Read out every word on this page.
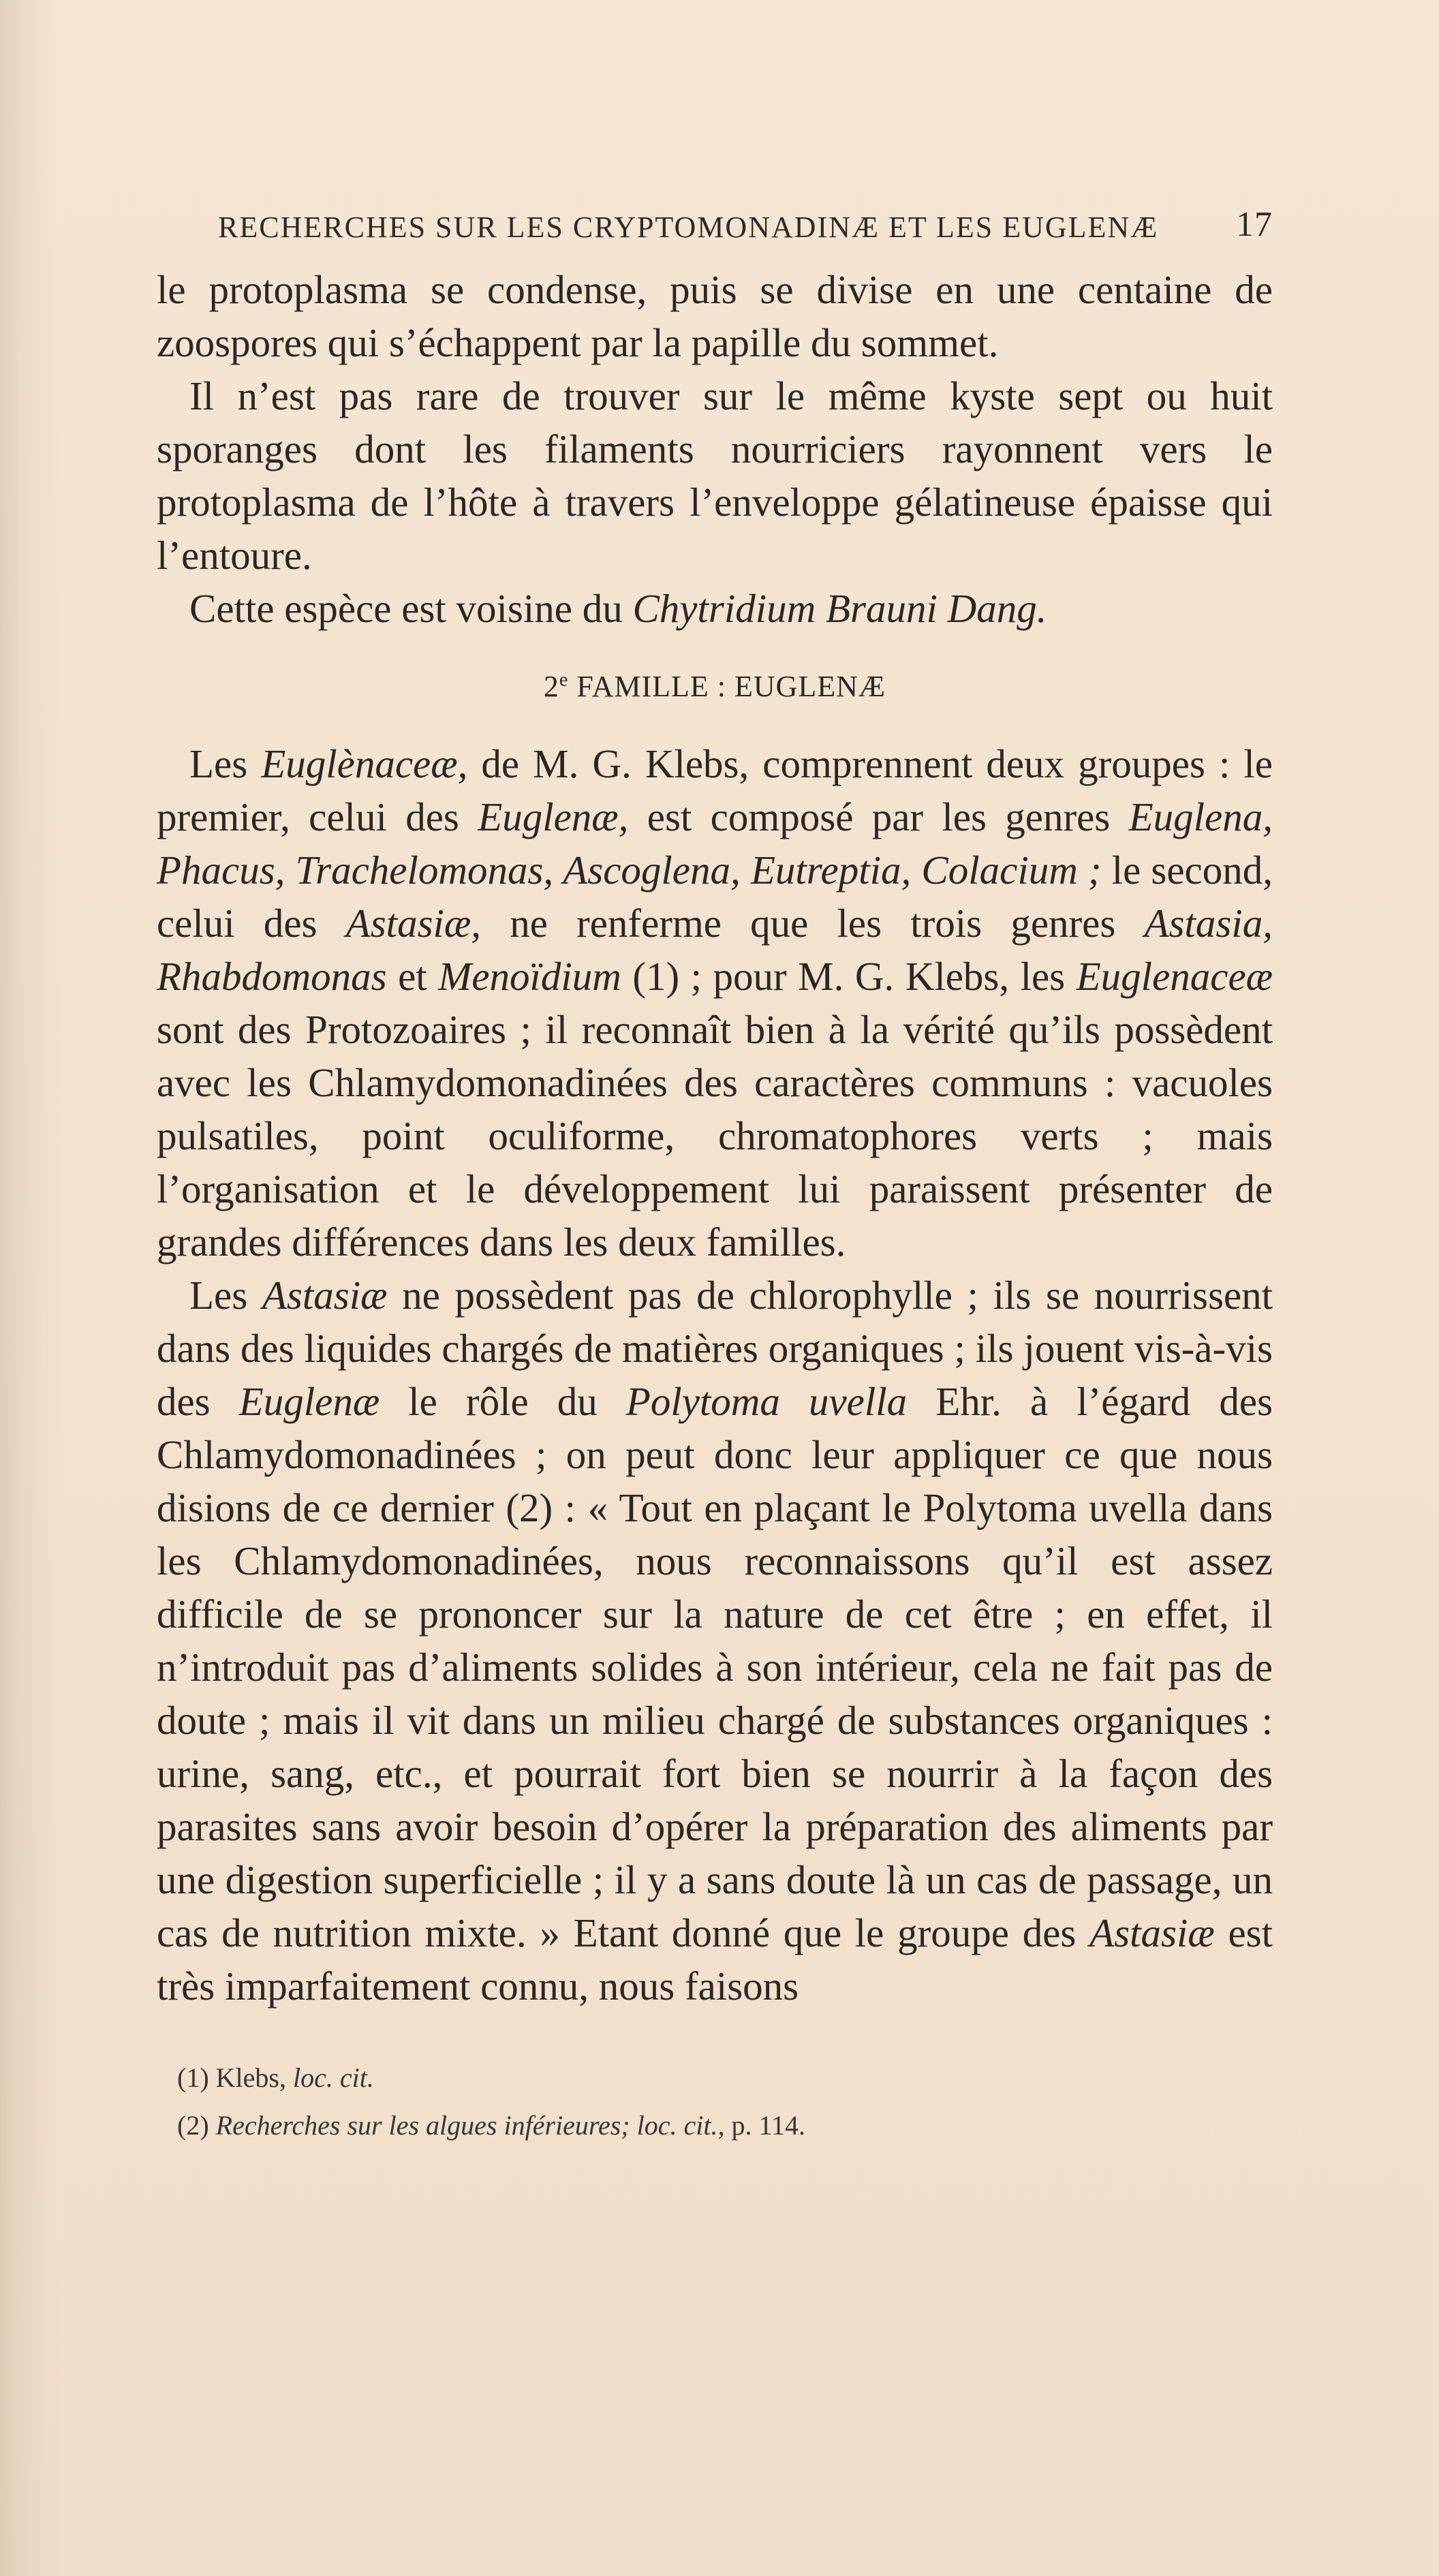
RECHERCHES SUR LES CRYPTOMONADINÆ ET LES EUGLENÆ 17

le protoplasma se condense, puis se divise en une centaine de zoospores qui s’échappent par la papille du sommet.

Il n’est pas rare de trouver sur le même kyste sept ou huit sporanges dont les filaments nourriciers rayonnent vers le protoplasma de l’hôte à travers l’enveloppe gélatineuse épaisse qui l’entoure.

Cette espèce est voisine du Chytridium Brauni Dang.

2e FAMILLE : EUGLENÆ

Les Euglènaceæ, de M. G. Klebs, comprennent deux groupes : le premier, celui des Euglenæ, est composé par les genres Euglena, Phacus, Trachelomonas, Ascoglena, Eutreptia, Colacium ; le second, celui des Astasiæ, ne renferme que les trois genres Astasia, Rhabdomonas et Menoïdium (1) ; pour M. G. Klebs, les Euglenaceæ sont des Protozoaires ; il reconnaît bien à la vérité qu’ils possèdent avec les Chlamydomonadinées des caractères communs : vacuoles pulsatiles, point oculiforme, chromatophores verts ; mais l’organisation et le développement lui paraissent présenter de grandes différences dans les deux familles.

Les Astasiæ ne possèdent pas de chlorophylle ; ils se nourrissent dans des liquides chargés de matières organiques ; ils jouent vis-à-vis des Euglenæ le rôle du Polytoma uvella Ehr. à l’égard des Chlamydomonadinées ; on peut donc leur appliquer ce que nous disions de ce dernier (2) : « Tout en plaçant le Polytoma uvella dans les Chlamydomonadinées, nous reconnaissons qu’il est assez difficile de se prononcer sur la nature de cet être ; en effet, il n’introduit pas d’aliments solides à son intérieur, cela ne fait pas de doute ; mais il vit dans un milieu chargé de substances organiques : urine, sang, etc., et pourrait fort bien se nourrir à la façon des parasites sans avoir besoin d’opérer la préparation des aliments par une digestion superficielle ; il y a sans doute là un cas de passage, un cas de nutrition mixte. » Etant donné que le groupe des Astasiæ est très imparfaitement connu, nous faisons

(1) Klebs, loc. cit.

(2) Recherches sur les algues inférieures; loc. cit., p. 114.
